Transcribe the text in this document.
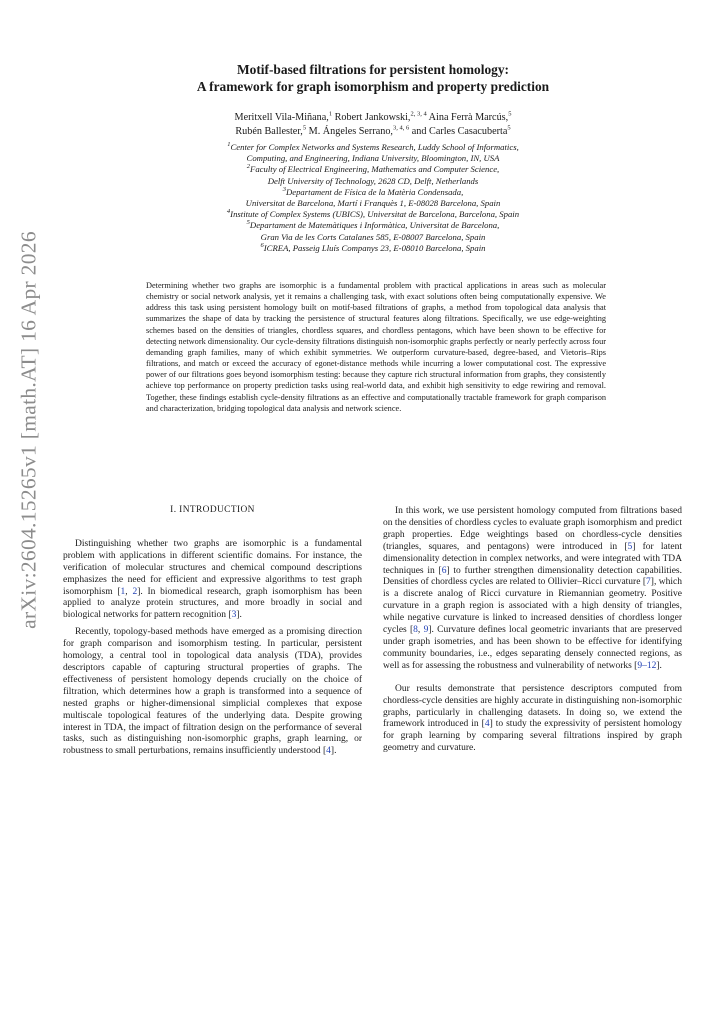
arXiv:2604.15265v1 [math.AT] 16 Apr 2026
Motif-based filtrations for persistent homology:
A framework for graph isomorphism and property prediction
Meritxell Vila-Miñana,$^1$ Robert Jankowski,$^{2, 3, 4}$ Aina Ferrà Marcús,$^5$
Rubén Ballester,$^5$ M. Ángeles Serrano,$^{3, 4, 6}$ and Carles Casacuberta$^5$
$^1$Center for Complex Networks and Systems Research, Luddy School of Informatics,
Computing, and Engineering, Indiana University, Bloomington, IN, USA
$^2$Faculty of Electrical Engineering, Mathematics and Computer Science,
Delft University of Technology, 2628 CD, Delft, Netherlands
$^3$Departament de Física de la Matèria Condensada,
Universitat de Barcelona, Martí i Franquès 1, E-08028 Barcelona, Spain
$^4$Institute of Complex Systems (UBICS), Universitat de Barcelona, Barcelona, Spain
$^5$Departament de Matemàtiques i Informàtica, Universitat de Barcelona,
Gran Via de les Corts Catalanes 585, E-08007 Barcelona, Spain
$^6$ICREA, Passeig Lluís Companys 23, E-08010 Barcelona, Spain
Determining whether two graphs are isomorphic is a fundamental problem with practical applications in areas such as molecular chemistry or social network analysis, yet it remains a challenging task, with exact solutions often being computationally expensive. We address this task using persistent homology built on motif-based filtrations of graphs, a method from topological data analysis that summarizes the shape of data by tracking the persistence of structural features along filtrations. Specifically, we use edge-weighting schemes based on the densities of triangles, chordless squares, and chordless pentagons, which have been shown to be effective for detecting network dimensionality. Our cycle-density filtrations distinguish non-isomorphic graphs perfectly or nearly perfectly across four demanding graph families, many of which exhibit symmetries. We outperform curvature-based, degree-based, and Vietoris–Rips filtrations, and match or exceed the accuracy of egonet-distance methods while incurring a lower computational cost. The expressive power of our filtrations goes beyond isomorphism testing: because they capture rich structural information from graphs, they consistently achieve top performance on property prediction tasks using real-world data, and exhibit high sensitivity to edge rewiring and removal. Together, these findings establish cycle-density filtrations as an effective and computationally tractable framework for graph comparison and characterization, bridging topological data analysis and network science.
I. INTRODUCTION

Distinguishing whether two graphs are isomorphic is a fundamental problem with applications in different scientific domains. For instance, the verification of molecular structures and chemical compound descriptions emphasizes the need for efficient and expressive algorithms to test graph isomorphism [1, 2]. In biomedical research, graph isomorphism has been applied to analyze protein structures, and more broadly in social and biological networks for pattern recognition [3].

Recently, topology-based methods have emerged as a promising direction for graph comparison and isomorphism testing. In particular, persistent homology, a central tool in topological data analysis (TDA), provides descriptors capable of capturing structural properties of graphs. The effectiveness of persistent homology depends crucially on the choice of filtration, which determines how a graph is transformed into a sequence of nested graphs or higher-dimensional simplicial complexes that expose multiscale topological features of the underlying data. Despite growing interest in TDA, the impact of filtration design on the performance of several tasks, such as distinguishing non-isomorphic graphs, graph learning, or robustness to small perturbations, remains insufficiently understood [4].

In this work, we use persistent homology computed from filtrations based on the densities of chordless cycles to evaluate graph isomorphism and predict graph properties. Edge weightings based on chordless-cycle densities (triangles, squares, and pentagons) were introduced in [5] for latent dimensionality detection in complex networks, and were integrated with TDA techniques in [6] to further strengthen dimensionality detection capabilities. Densities of chordless cycles are related to Ollivier–Ricci curvature [7], which is a discrete analog of Ricci curvature in Riemannian geometry. Positive curvature in a graph region is associated with a high density of triangles, while negative curvature is linked to increased densities of chordless longer cycles [8, 9]. Curvature defines local geometric invariants that are preserved under graph isometries, and has been shown to be effective for identifying community boundaries, i.e., edges separating densely connected regions, as well as for assessing the robustness and vulnerability of networks [9–12].

Our results demonstrate that persistence descriptors computed from chordless-cycle densities are highly accurate in distinguishing non-isomorphic graphs, particularly in challenging datasets. In doing so, we extend the framework introduced in [4] to study the expressivity of persistent homology for graph learning by comparing several filtrations inspired by graph geometry and curvature.
